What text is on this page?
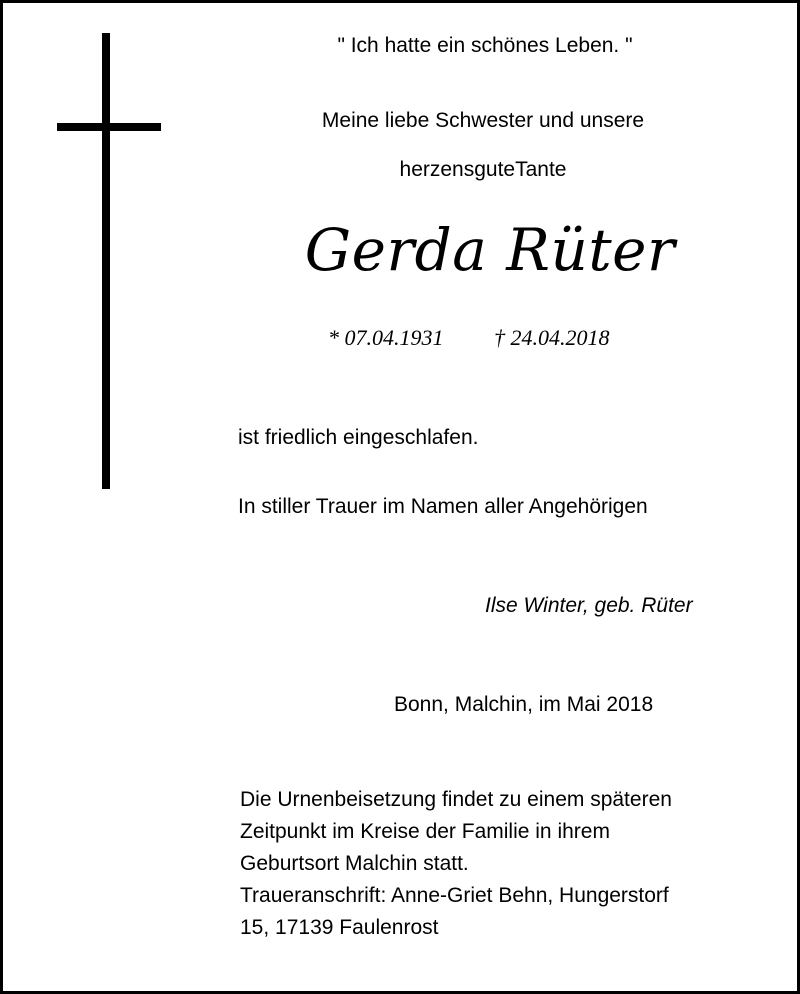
" Ich hatte ein schönes Leben. "
Meine liebe Schwester und unsere
herzensguteTante
Gerda Rüter
* 07.04.1931 † 24.04.2018
ist friedlich eingeschlafen.
In stiller Trauer im Namen aller Angehörigen
Ilse Winter, geb. Rüter
Bonn, Malchin, im Mai 2018
Die Urnenbeisetzung findet zu einem späteren
Zeitpunkt im Kreise der Familie in ihrem
Geburtsort Malchin statt.
Traueranschrift: Anne-Griet Behn, Hungerstorf
15, 17139 Faulenrost
